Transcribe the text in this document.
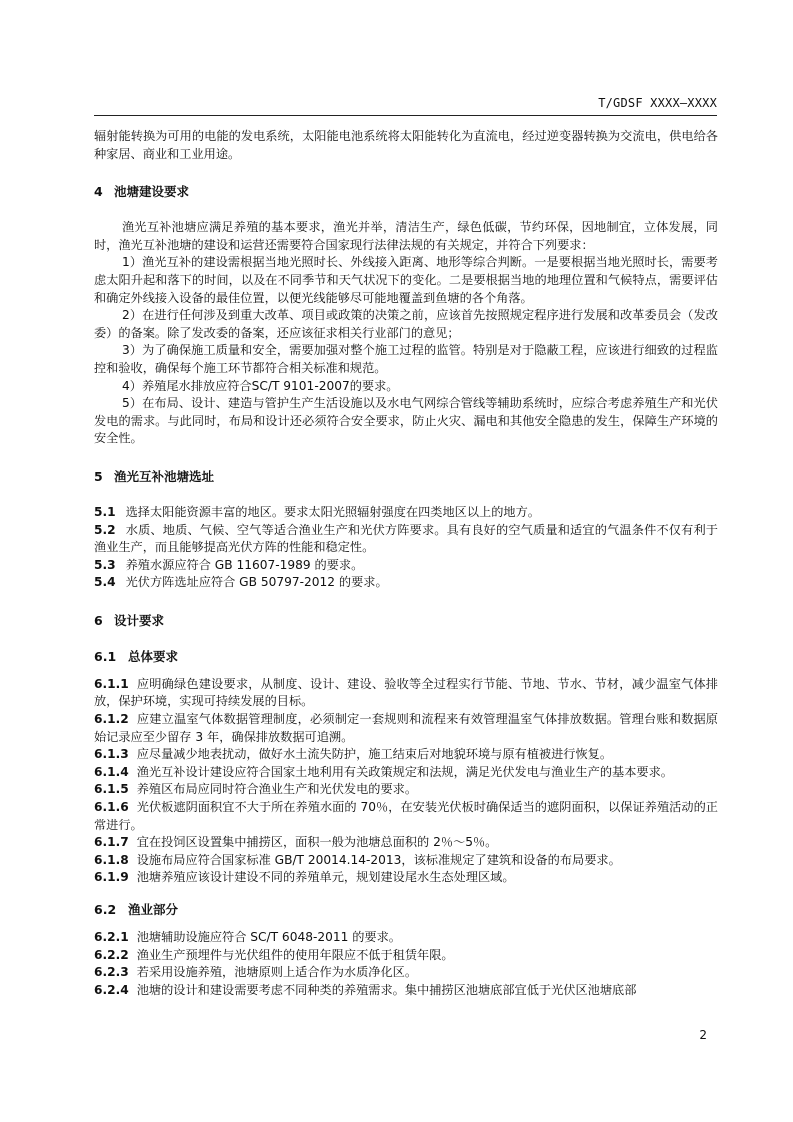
T/GDSF XXXX—XXXX

辐射能转换为可用的电能的发电系统，太阳能电池系统将太阳能转化为直流电，经过逆变器转换为交流电，供电给各种家居、商业和工业用途。

4 池塘建设要求

渔光互补池塘应满足养殖的基本要求，渔光并举，清洁生产，绿色低碳，节约环保，因地制宜，立体发展，同时，渔光互补池塘的建设和运营还需要符合国家现行法律法规的有关规定，并符合下列要求：

1）渔光互补的建设需根据当地光照时长、外线接入距离、地形等综合判断。一是要根据当地光照时长，需要考虑太阳升起和落下的时间，以及在不同季节和天气状况下的变化。二是要根据当地的地理位置和气候特点，需要评估和确定外线接入设备的最佳位置，以便光线能够尽可能地覆盖到鱼塘的各个角落。

2）在进行任何涉及到重大改革、项目或政策的决策之前，应该首先按照规定程序进行发展和改革委员会（发改委）的备案。除了发改委的备案，还应该征求相关行业部门的意见；

3）为了确保施工质量和安全，需要加强对整个施工过程的监管。特别是对于隐蔽工程，应该进行细致的过程监控和验收，确保每个施工环节都符合相关标准和规范。

4）养殖尾水排放应符合SC/T 9101-2007的要求。

5）在布局、设计、建造与管护生产生活设施以及水电气网综合管线等辅助系统时，应综合考虑养殖生产和光伏发电的需求。与此同时，布局和设计还必须符合安全要求，防止火灾、漏电和其他安全隐患的发生，保障生产环境的安全性。

5 渔光互补池塘选址

5.1 选择太阳能资源丰富的地区。要求太阳光照辐射强度在四类地区以上的地方。

5.2 水质、地质、气候、空气等适合渔业生产和光伏方阵要求。具有良好的空气质量和适宜的气温条件不仅有利于渔业生产，而且能够提高光伏方阵的性能和稳定性。

5.3 养殖水源应符合 GB 11607-1989 的要求。

5.4 光伏方阵选址应符合 GB 50797-2012 的要求。

6 设计要求
6.1 总体要求

6.1.1 应明确绿色建设要求，从制度、设计、建设、验收等全过程实行节能、节地、节水、节材，减少温室气体排放，保护环境，实现可持续发展的目标。

6.1.2 应建立温室气体数据管理制度，必须制定一套规则和流程来有效管理温室气体排放数据。管理台账和数据原始记录应至少留存 3 年，确保排放数据可追溯。

6.1.3 应尽量减少地表扰动，做好水土流失防护，施工结束后对地貌环境与原有植被进行恢复。

6.1.4 渔光互补设计建设应符合国家土地利用有关政策规定和法规，满足光伏发电与渔业生产的基本要求。

6.1.5 养殖区布局应同时符合渔业生产和光伏发电的要求。

6.1.6 光伏板遮阴面积宜不大于所在养殖水面的 70％，在安装光伏板时确保适当的遮阴面积，以保证养殖活动的正常进行。

6.1.7 宜在投饲区设置集中捕捞区，面积一般为池塘总面积的 2％～5％。

6.1.8 设施布局应符合国家标准 GB/T 20014.14-2013，该标准规定了建筑和设备的布局要求。

6.1.9 池塘养殖应该设计建设不同的养殖单元，规划建设尾水生态处理区域。

6.2 渔业部分

6.2.1 池塘辅助设施应符合 SC/T 6048-2011 的要求。

6.2.2 渔业生产预埋件与光伏组件的使用年限应不低于租赁年限。

6.2.3 若采用设施养殖，池塘原则上适合作为水质净化区。

6.2.4 池塘的设计和建设需要考虑不同种类的养殖需求。集中捕捞区池塘底部宜低于光伏区池塘底部

2
